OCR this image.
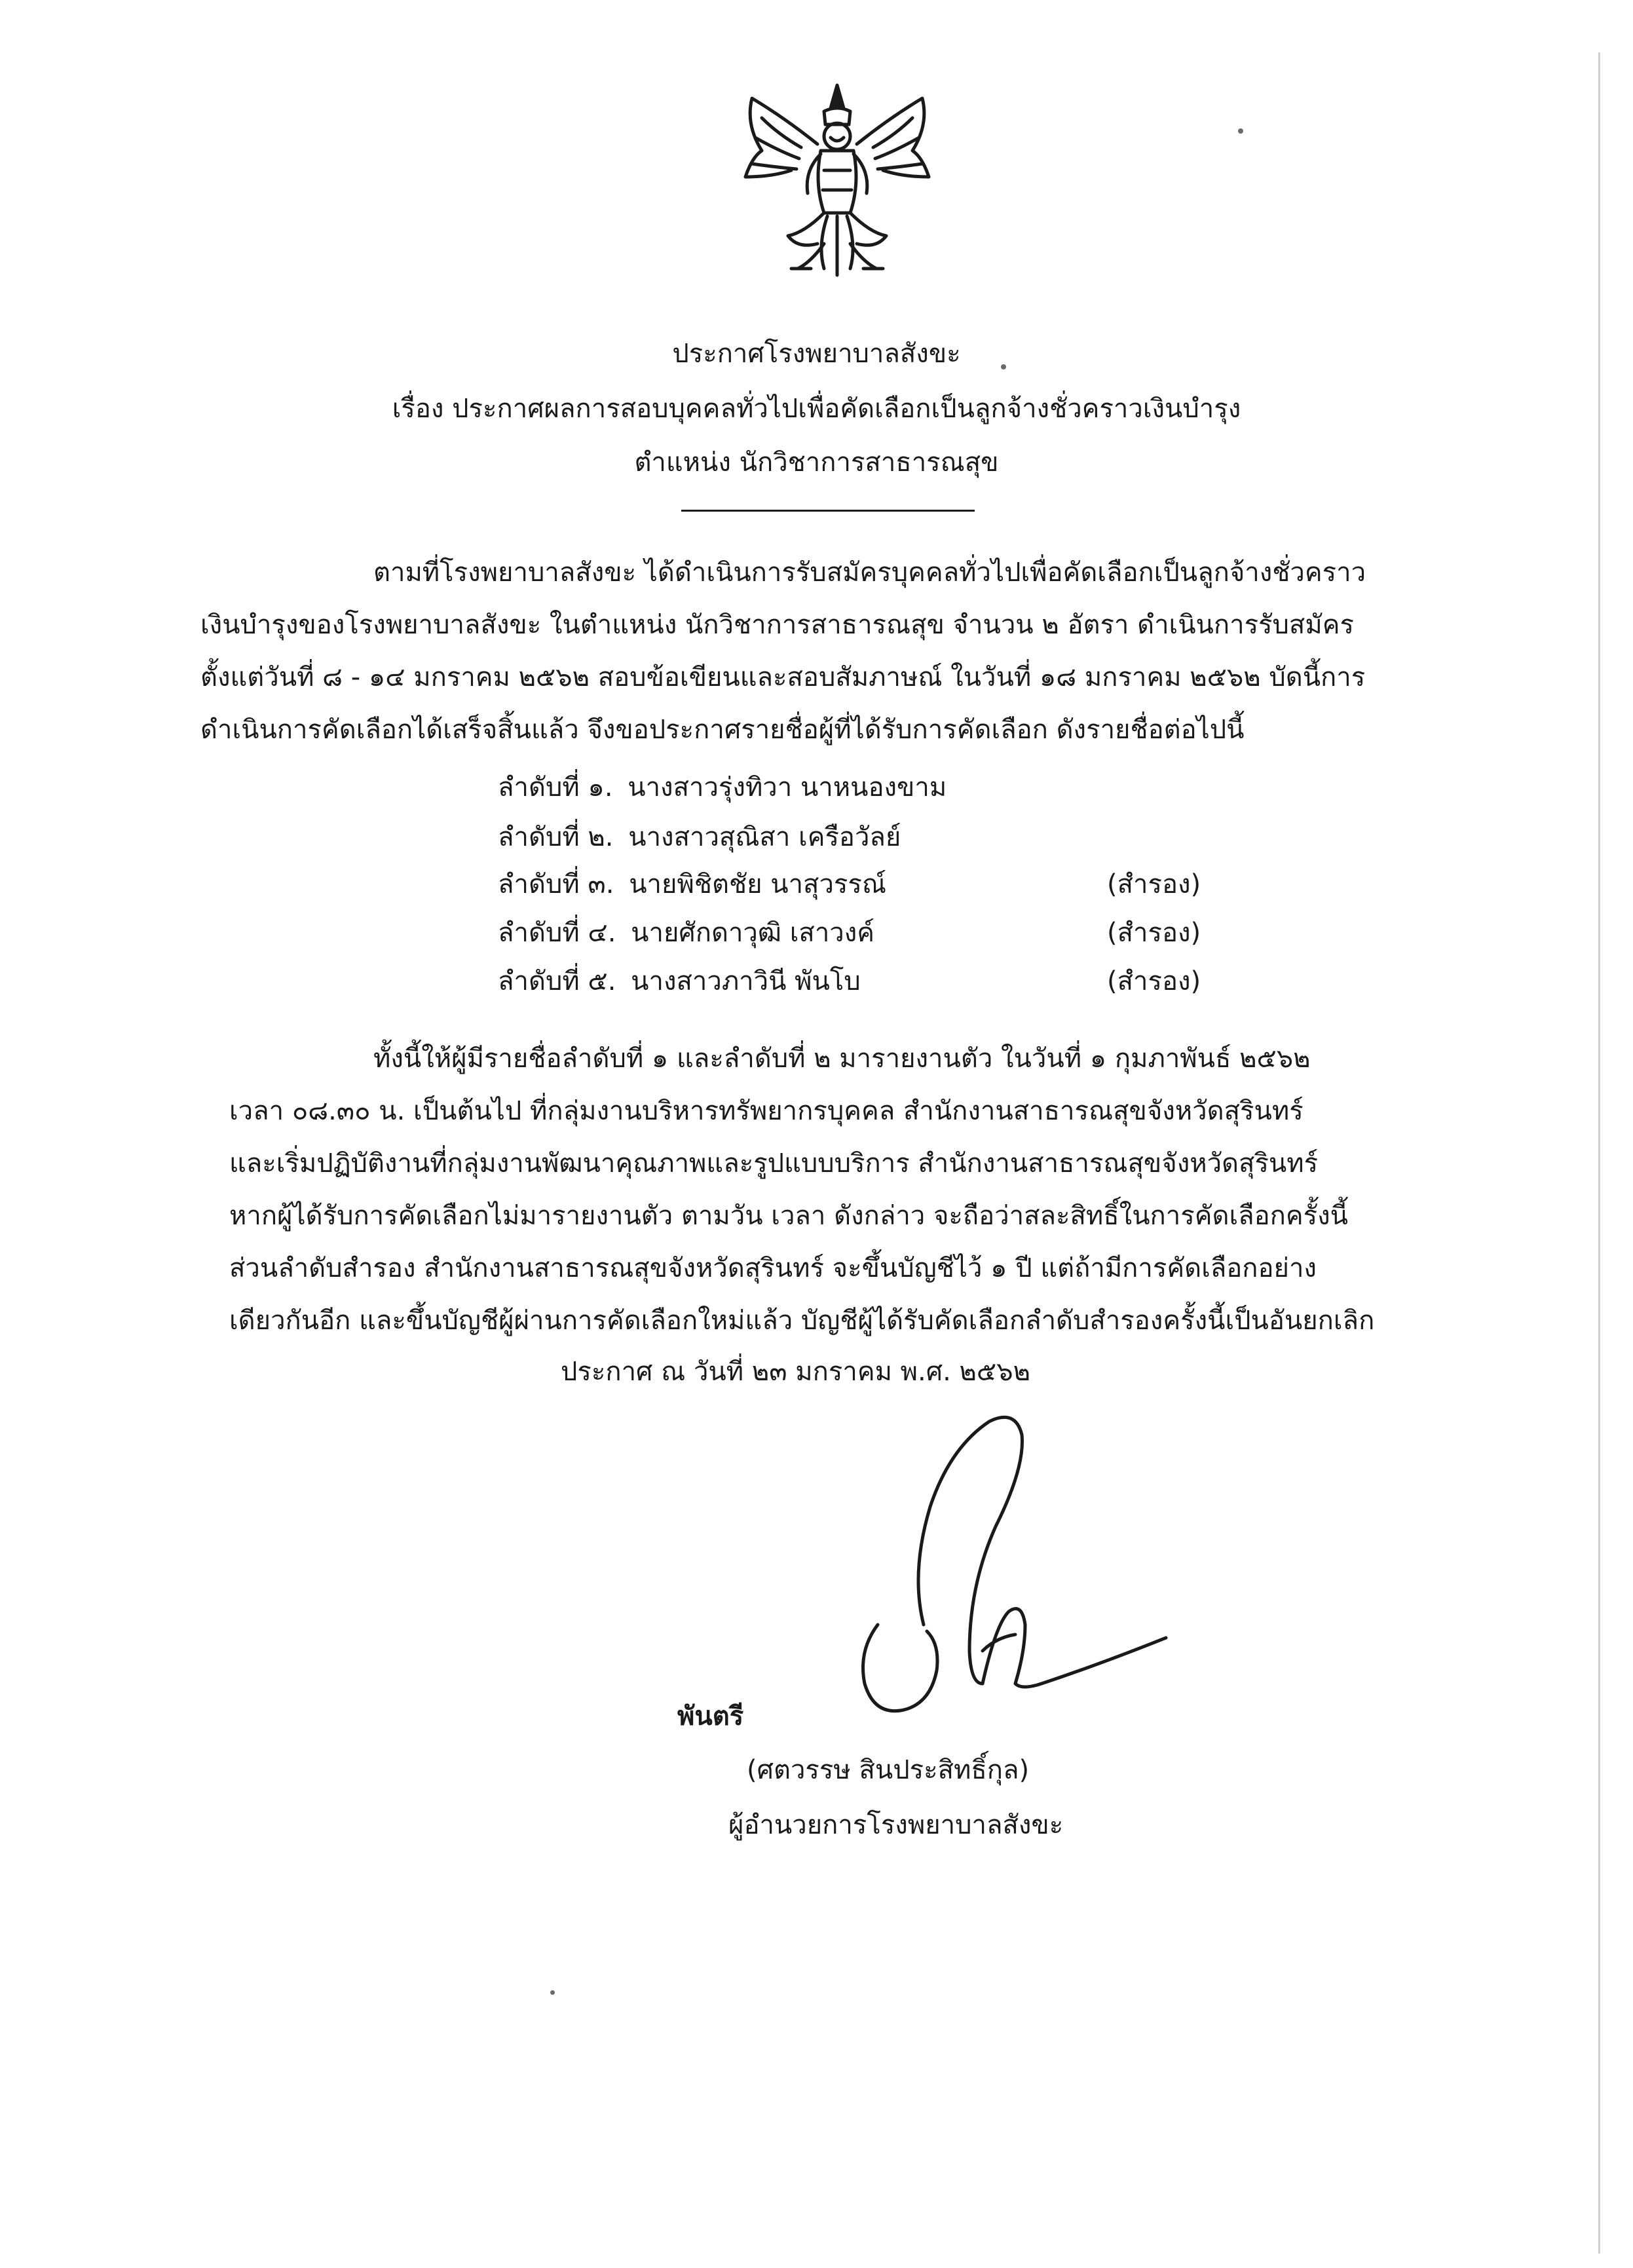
ประกาศโรงพยาบาลสังขะ
เรื่อง ประกาศผลการสอบบุคคลทั่วไปเพื่อคัดเลือกเป็นลูกจ้างชั่วคราวเงินบำรุง
ตำแหน่ง นักวิชาการสาธารณสุข
ตามที่โรงพยาบาลสังขะ ได้ดำเนินการรับสมัครบุคคลทั่วไปเพื่อคัดเลือกเป็นลูกจ้างชั่วคราว
เงินบำรุงของโรงพยาบาลสังขะ ในตำแหน่ง นักวิชาการสาธารณสุข จำนวน ๒ อัตรา ดำเนินการรับสมัคร
ตั้งแต่วันที่ ๘ - ๑๔ มกราคม ๒๕๖๒ สอบข้อเขียนและสอบสัมภาษณ์ ในวันที่ ๑๘ มกราคม ๒๕๖๒ บัดนี้การ
ดำเนินการคัดเลือกได้เสร็จสิ้นแล้ว จึงขอประกาศรายชื่อผู้ที่ได้รับการคัดเลือก ดังรายชื่อต่อไปนี้
ลำดับที่ ๑. นางสาวรุ่งทิวา นาหนองขาม
ลำดับที่ ๒. นางสาวสุณิสา เครือวัลย์
ลำดับที่ ๓. นายพิชิตชัย นาสุวรรณ์	(สำรอง)
ลำดับที่ ๔. นายศักดาวุฒิ เสาวงค์	(สำรอง)
ลำดับที่ ๕. นางสาวภาวินี พันโบ	(สำรอง)
ทั้งนี้ให้ผู้มีรายชื่อลำดับที่ ๑ และลำดับที่ ๒ มารายงานตัว ในวันที่ ๑ กุมภาพันธ์ ๒๕๖๒
เวลา ๐๘.๓๐ น. เป็นต้นไป ที่กลุ่มงานบริหารทรัพยากรบุคคล สำนักงานสาธารณสุขจังหวัดสุรินทร์
และเริ่มปฏิบัติงานที่กลุ่มงานพัฒนาคุณภาพและรูปแบบบริการ สำนักงานสาธารณสุขจังหวัดสุรินทร์
หากผู้ได้รับการคัดเลือกไม่มารายงานตัว ตามวัน เวลา ดังกล่าว จะถือว่าสละสิทธิ์ในการคัดเลือกครั้งนี้
ส่วนลำดับสำรอง สำนักงานสาธารณสุขจังหวัดสุรินทร์ จะขึ้นบัญชีไว้ ๑ ปี แต่ถ้ามีการคัดเลือกอย่าง
เดียวกันอีก และขึ้นบัญชีผู้ผ่านการคัดเลือกใหม่แล้ว บัญชีผู้ได้รับคัดเลือกลำดับสำรองครั้งนี้เป็นอันยกเลิก
ประกาศ ณ วันที่ ๒๓ มกราคม พ.ศ. ๒๕๖๒
พันตรี
(ศตวรรษ สินประสิทธิ์กุล)
ผู้อำนวยการโรงพยาบาลสังขะ
